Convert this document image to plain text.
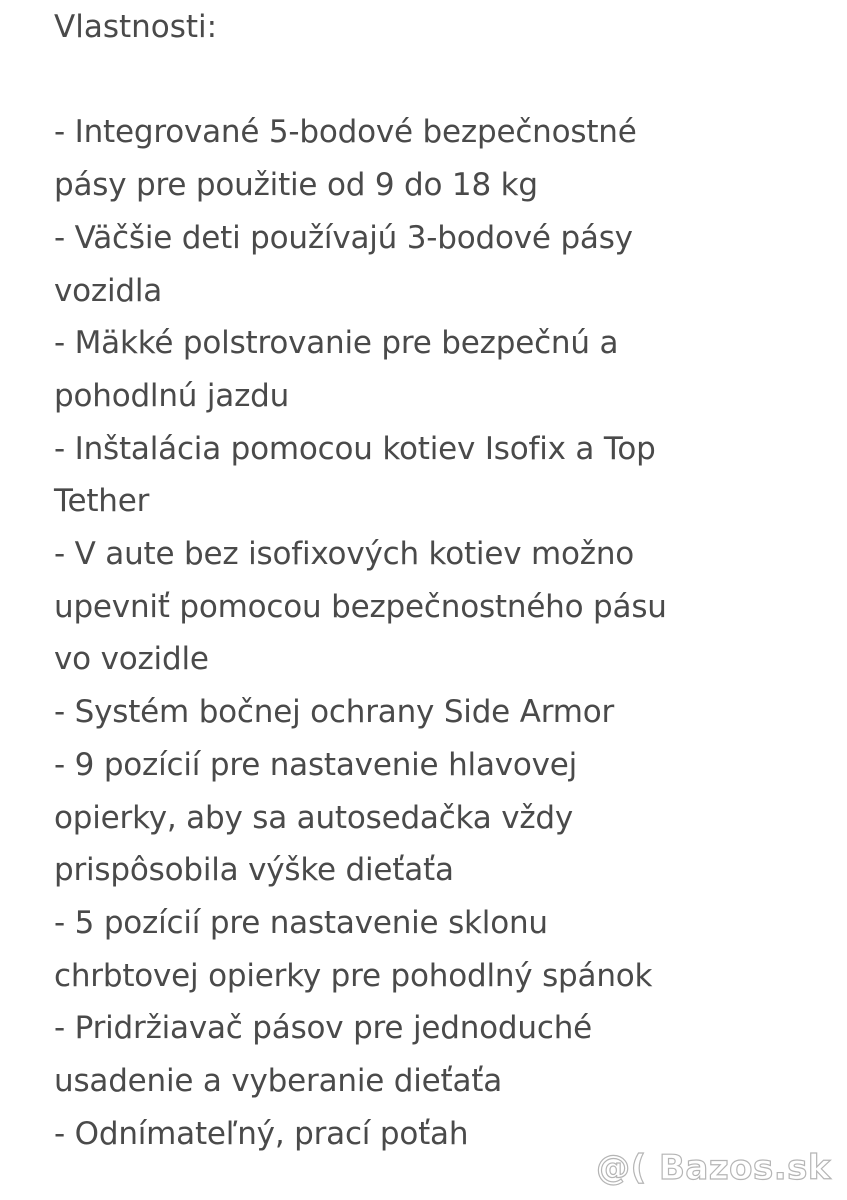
Vlastnosti:
- Integrované 5-bodové bezpečnostné
pásy pre použitie od 9 do 18 kg
- Väčšie deti používajú 3-bodové pásy
vozidla
- Mäkké polstrovanie pre bezpečnú a
pohodlnú jazdu
- Inštalácia pomocou kotiev Isofix a Top
Tether
- V aute bez isofixových kotiev možno
upevniť pomocou bezpečnostného pásu
vo vozidle
- Systém bočnej ochrany Side Armor
- 9 pozícií pre nastavenie hlavovej
opierky, aby sa autosedačka vždy
prispôsobila výške dieťaťa
- 5 pozícií pre nastavenie sklonu
chrbtovej opierky pre pohodlný spánok
- Pridržiavač pásov pre jednoduché
usadenie a vyberanie dieťaťa
- Odnímateľný, prací poťah
@( Bazos.sk
